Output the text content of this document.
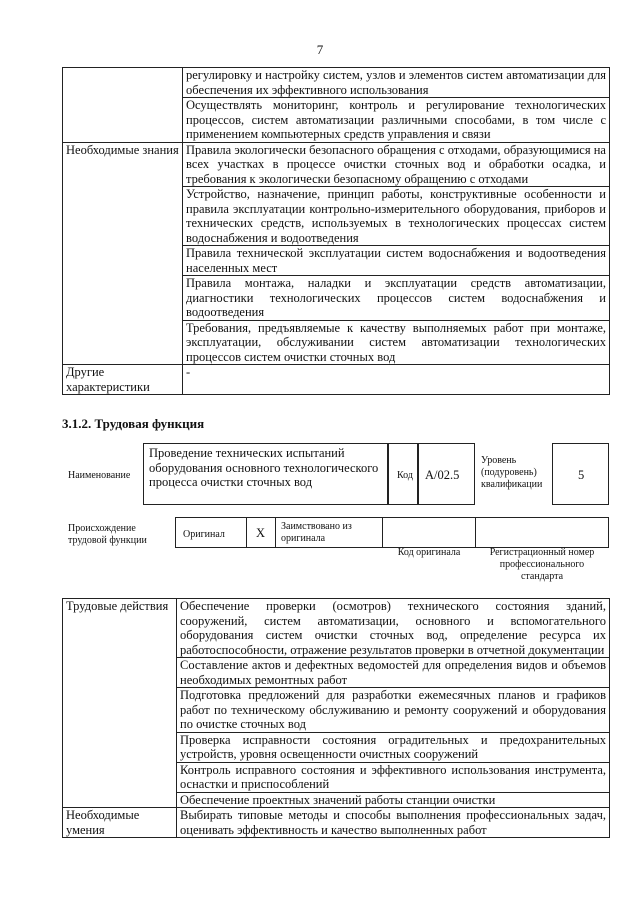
7
	регулировку и настройку систем, узлов и элементов систем автоматизации для обеспечения их эффективного использования
	Осуществлять мониторинг, контроль и регулирование технологических процессов, систем автоматизации различными способами, в том числе с применением компьютерных средств управления и связи
Необходимые знания	Правила экологически безопасного обращения с отходами, образующимися на всех участках в процессе очистки сточных вод и обработки осадка, и требования к экологически безопасному обращению с отходами
	Устройство, назначение, принцип работы, конструктивные особенности и правила эксплуатации контрольно-измерительного оборудования, приборов и технических средств, используемых в технологических процессах систем водоснабжения и водоотведения
	Правила технической эксплуатации систем водоснабжения и водоотведения населенных мест
	Правила монтажа, наладки и эксплуатации средств автоматизации, диагностики технологических процессов систем водоснабжения и водоотведения
	Требования, предъявляемые к качеству выполняемых работ при монтаже, эксплуатации, обслуживании систем автоматизации технологических процессов систем очистки сточных вод
Другие характеристики	-
3.1.2. Трудовая функция
Наименование
Проведение технических испытаний оборудования основного технологического процесса очистки сточных вод	Код А/02.5
Уровень (подуровень) квалификации
5
Происхождение трудовой функции
Оригинал	X	Заимствовано из оригинала
Код оригинала	Регистрационный номер профессионального стандарта
Трудовые действия	Обеспечение проверки (осмотров) технического состояния зданий, сооружений, систем автоматизации, основного и вспомогательного оборудования систем очистки сточных вод, определение ресурса их работоспособности, отражение результатов проверки в отчетной документации
	Составление актов и дефектных ведомостей для определения видов и объемов необходимых ремонтных работ
	Подготовка предложений для разработки ежемесячных планов и графиков работ по техническому обслуживанию и ремонту сооружений и оборудования по очистке сточных вод
	Проверка исправности состояния оградительных и предохранительных устройств, уровня освещенности очистных сооружений
	Контроль исправного состояния и эффективного использования инструмента, оснастки и приспособлений
	Обеспечение проектных значений работы станции очистки
Необходимые умения	Выбирать типовые методы и способы выполнения профессиональных задач, оценивать эффективность и качество выполненных работ
